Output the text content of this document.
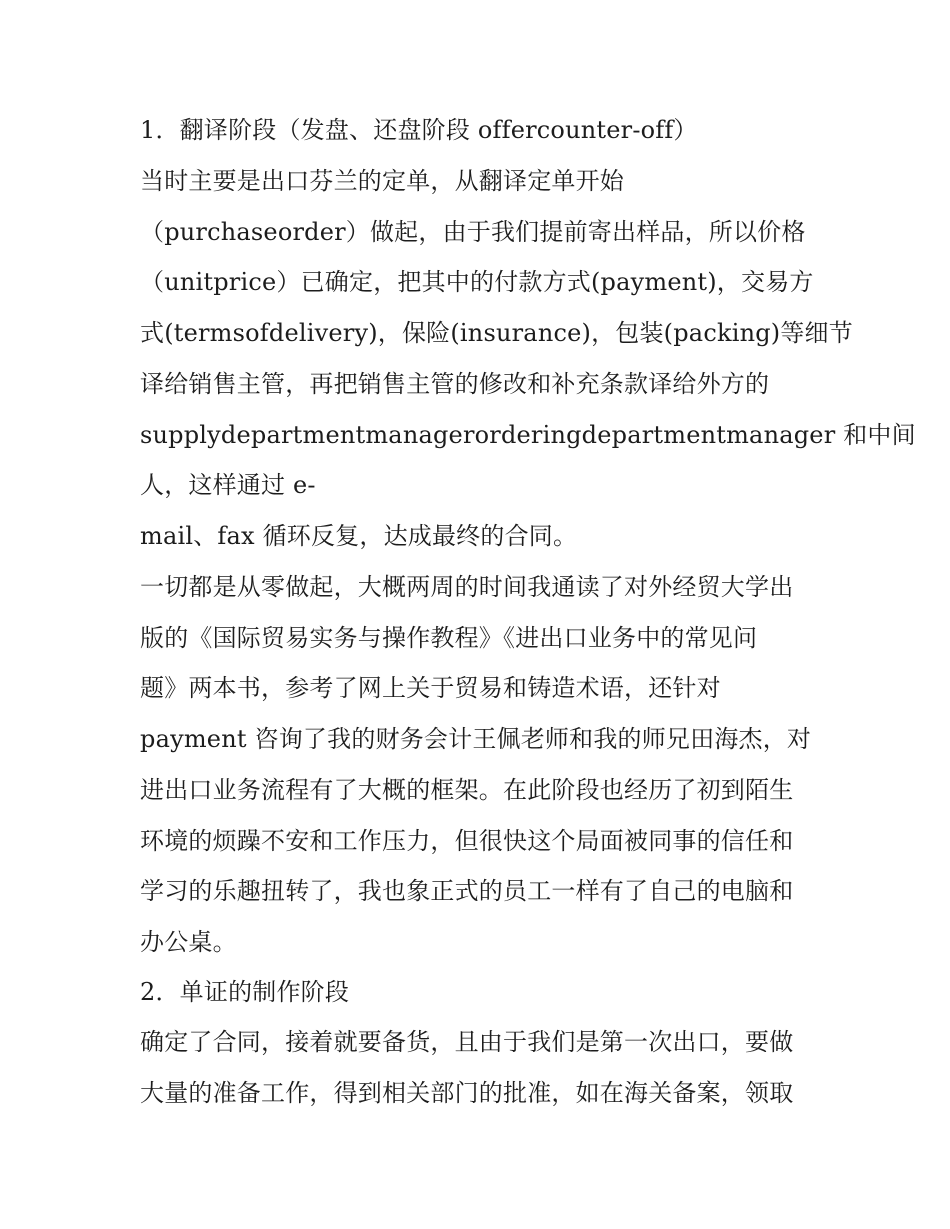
1．翻译阶段（发盘、还盘阶段 offercounter-off）
当时主要是出口芬兰的定单，从翻译定单开始
（purchaseorder）做起，由于我们提前寄出样品，所以价格
（unitprice）已确定，把其中的付款方式(payment)，交易方
式(termsofdelivery)，保险(insurance)，包装(packing)等细节
译给销售主管，再把销售主管的修改和补充条款译给外方的
supplydepartmentmanagerorderingdepartmentmanager 和中间
人，这样通过 e-
mail、fax 循环反复，达成最终的合同。
一切都是从零做起，大概两周的时间我通读了对外经贸大学出
版的《国际贸易实务与操作教程》《进出口业务中的常见问
题》两本书，参考了网上关于贸易和铸造术语，还针对
payment 咨询了我的财务会计王佩老师和我的师兄田海杰，对
进出口业务流程有了大概的框架。在此阶段也经历了初到陌生
环境的烦躁不安和工作压力，但很快这个局面被同事的信任和
学习的乐趣扭转了，我也象正式的员工一样有了自己的电脑和
办公桌。
2．单证的制作阶段
确定了合同，接着就要备货，且由于我们是第一次出口，要做
大量的准备工作，得到相关部门的批准，如在海关备案，领取
